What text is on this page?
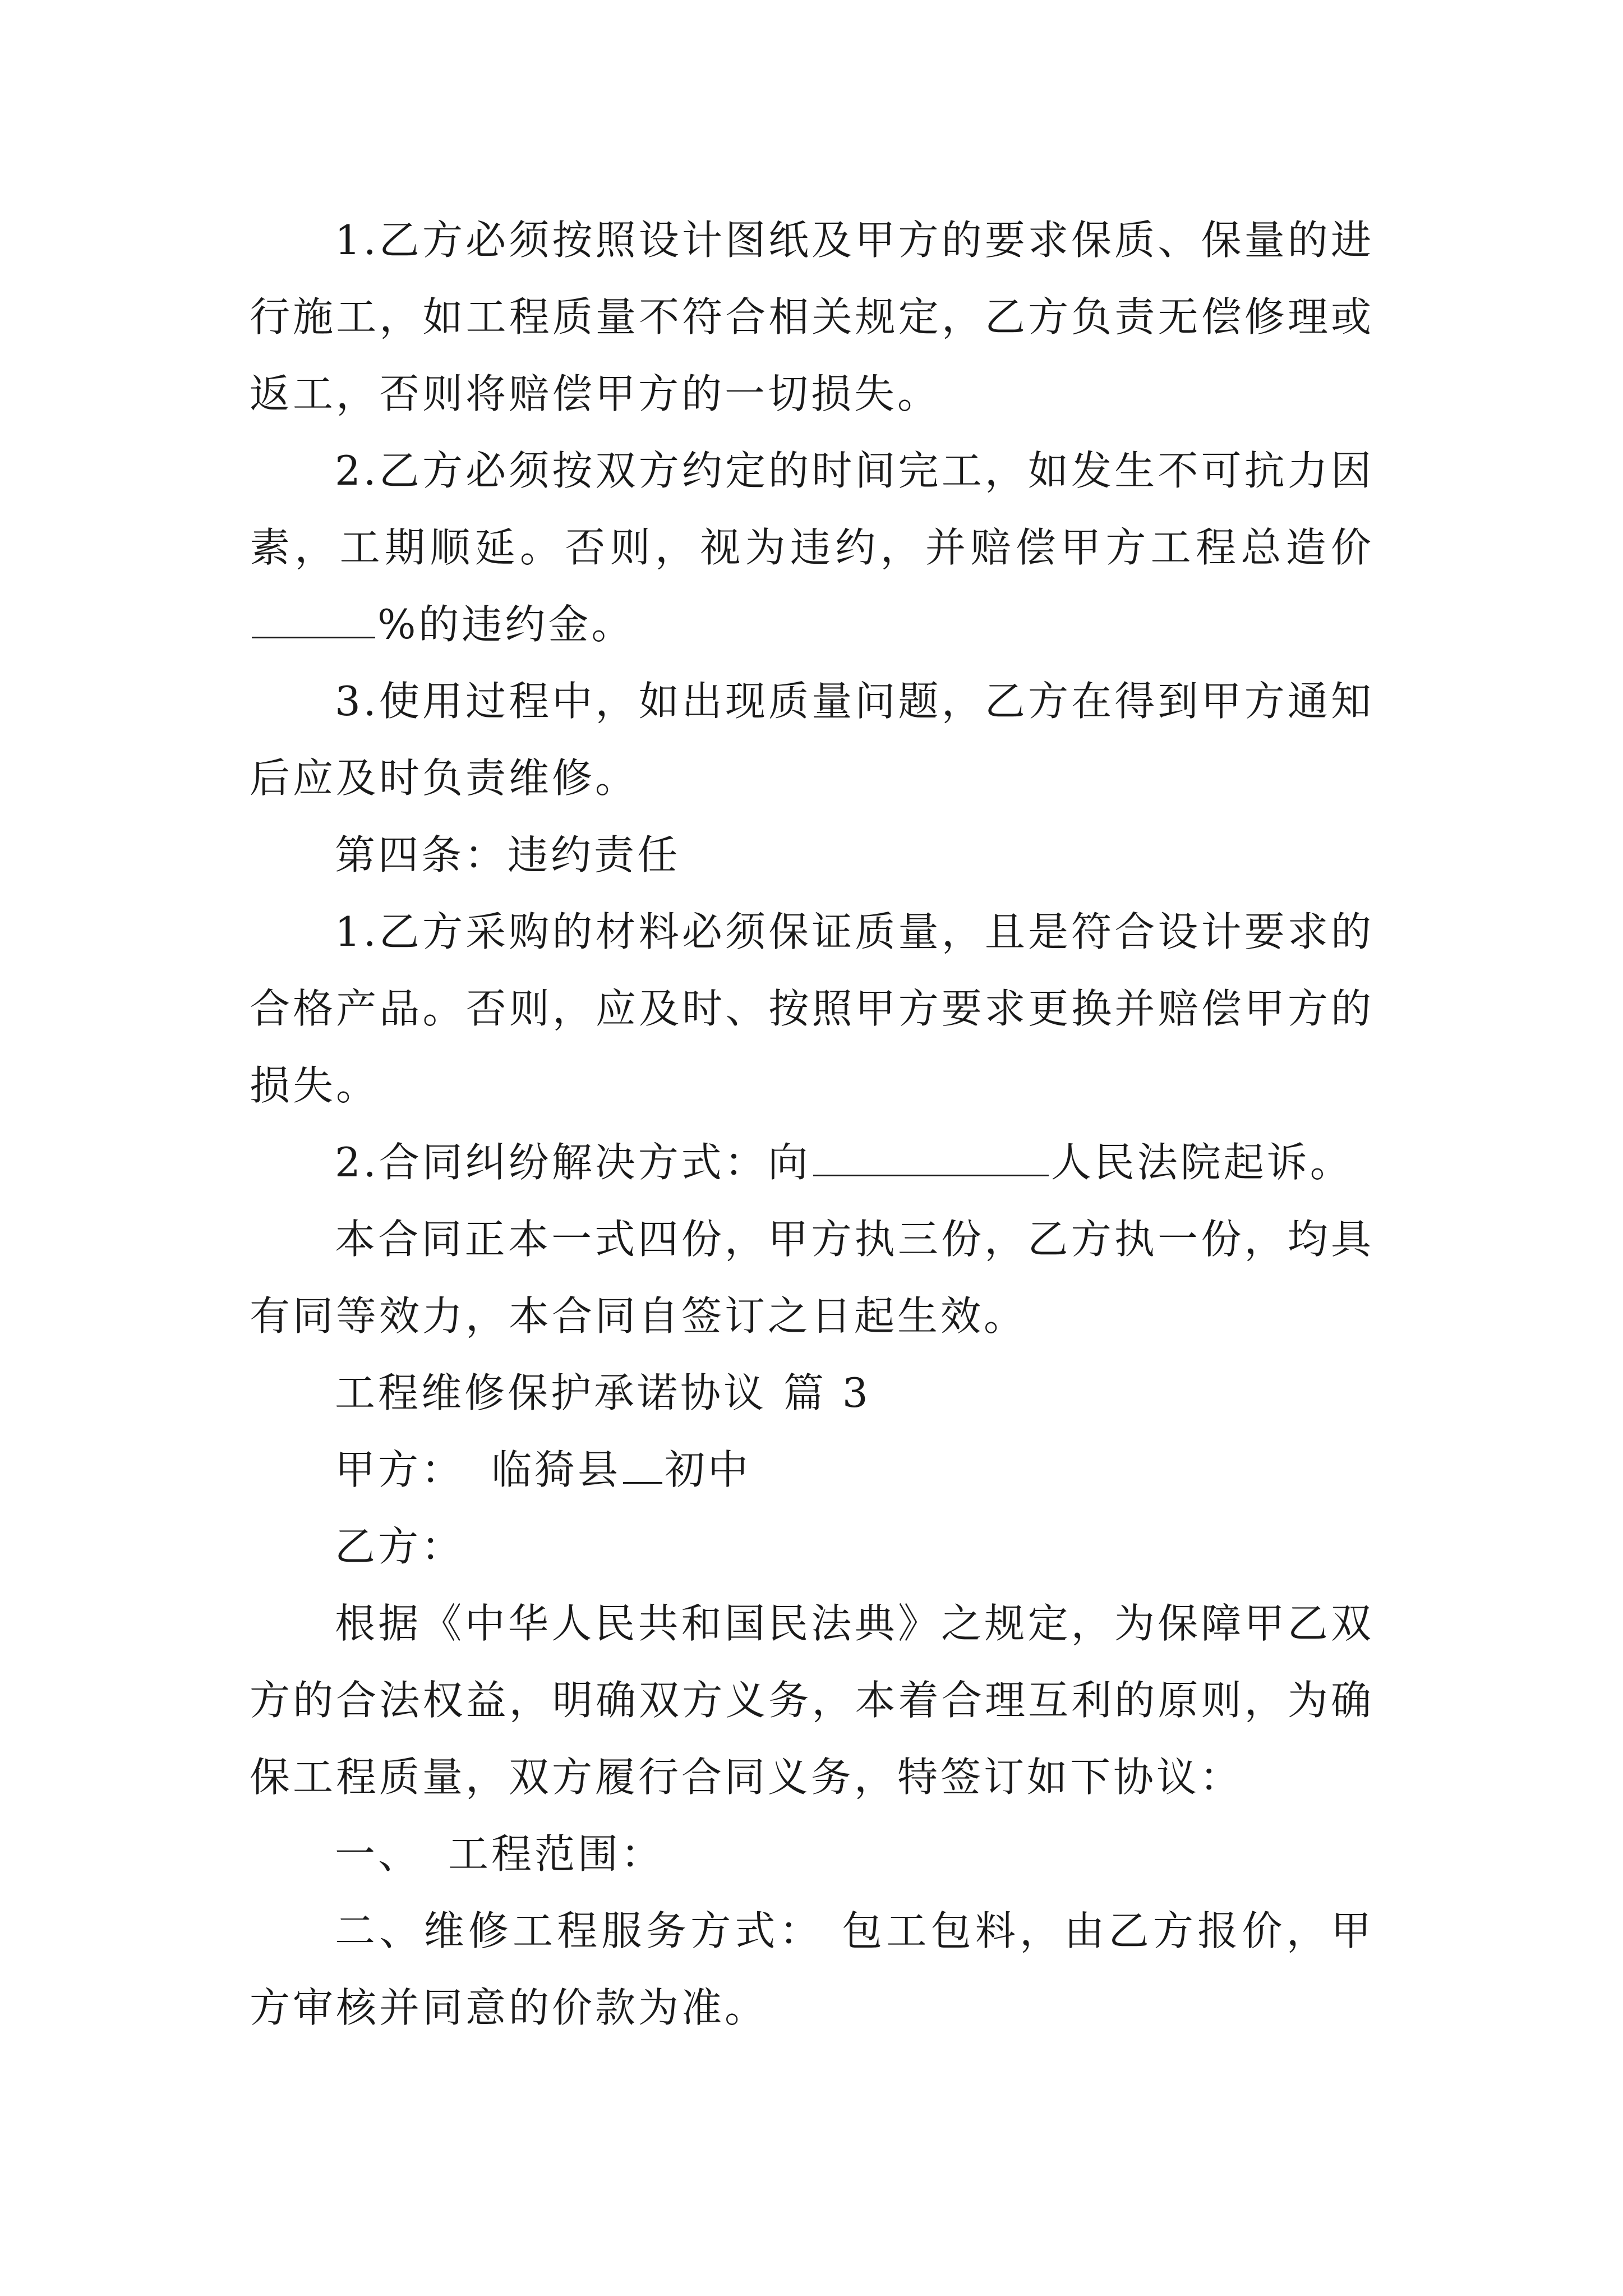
1.乙方必须按照设计图纸及甲方的要求保质、保量的进行施工，如工程质量不符合相关规定，乙方负责无偿修理或返工，否则将赔偿甲方的一切损失。

2.乙方必须按双方约定的时间完工，如发生不可抗力因素，工期顺延。否则，视为违约，并赔偿甲方工程总造价%的违约金。

3.使用过程中，如出现质量问题，乙方在得到甲方通知后应及时负责维修。

第四条：违约责任

1.乙方采购的材料必须保证质量，且是符合设计要求的合格产品。否则，应及时、按照甲方要求更换并赔偿甲方的损失。

2.合同纠纷解决方式：向	人民法院起诉。

本合同正本一式四份，甲方执三份，乙方执一份，均具有同等效力，本合同自签订之日起生效。

工程维修保护承诺协议 篇 3

甲方： 临猗县 初中

乙方：

根据《中华人民共和国民法典》之规定，为保障甲乙双方的合法权益，明确双方义务，本着合理互利的原则，为确保工程质量，双方履行合同义务，特签订如下协议：

一、 工程范围：

二、维修工程服务方式： 包工包料，由乙方报价，甲方审核并同意的价款为准。
